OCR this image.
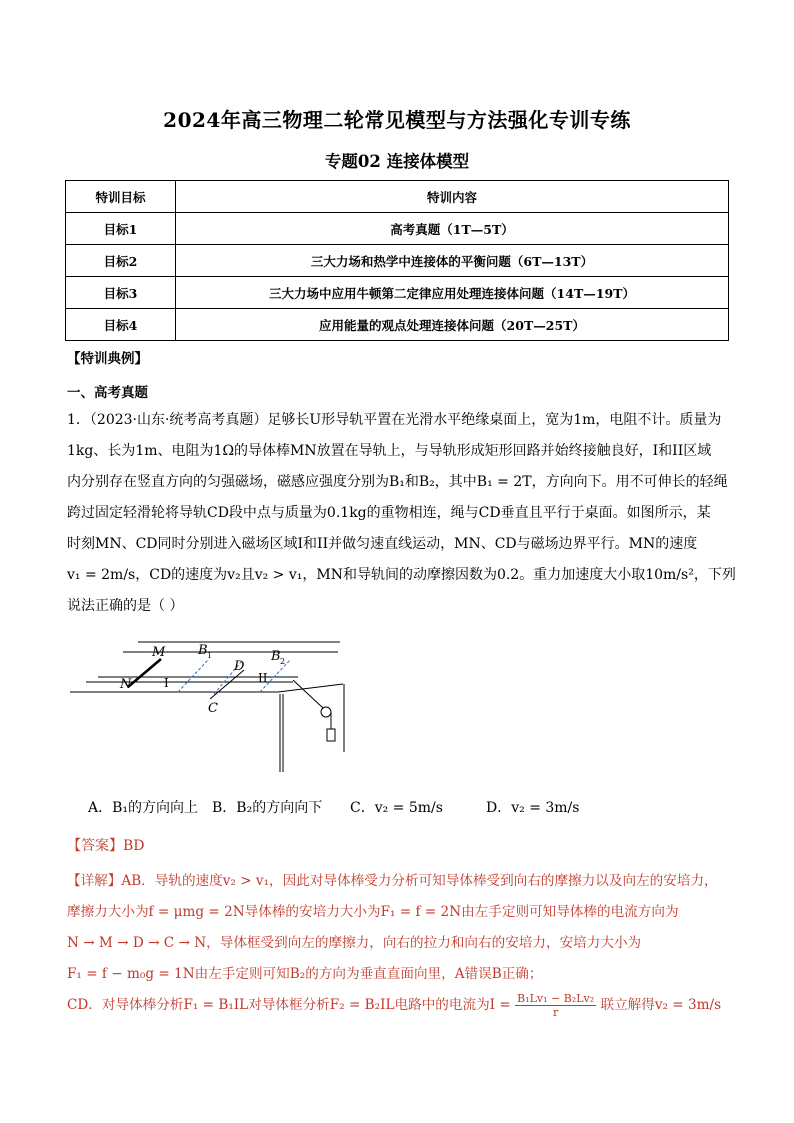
2024年高三物理二轮常见模型与方法强化专训专练
专题02 连接体模型
特训目标	特训内容
目标1	高考真题（1T—5T）
目标2	三大力场和热学中连接体的平衡问题（6T—13T）
目标3	三大力场中应用牛顿第二定律应用处理连接体问题（14T—19T）
目标4	应用能量的观点处理连接体问题（20T—25T）
【特训典例】
一、高考真题
1．（2023·山东·统考高考真题）足够长U形导轨平置在光滑水平绝缘桌面上，宽为1m，电阻不计。质量为
1kg、长为1m、电阻为1Ω的导体棒MN放置在导轨上，与导轨形成矩形回路并始终接触良好，I和II区域
内分别存在竖直方向的匀强磁场，磁感应强度分别为B₁和B₂，其中B₁ = 2T，方向向下。用不可伸长的轻绳
跨过固定轻滑轮将导轨CD段中点与质量为0.1kg的重物相连，绳与CD垂直且平行于桌面。如图所示，某
时刻MN、CD同时分别进入磁场区域I和II并做匀速直线运动，MN、CD与磁场边界平行。MN的速度
v₁ = 2m/s，CD的速度为v₂且v₂ > v₁，MN和导轨间的动摩擦因数为0.2。重力加速度大小取10m/s²，下列
说法正确的是（ ）
M
N
D
C
B 1	B 2
I	II
A．B₁的方向向上 B．B₂的方向向下 C．v₂ = 5m/s	D．v₂ = 3m/s
【答案】BD
【详解】AB．导轨的速度v₂ > v₁，因此对导体棒受力分析可知导体棒受到向右的摩擦力以及向左的安培力，
摩擦力大小为f = μmg = 2N导体棒的安培力大小为F₁ = f = 2N由左手定则可知导体棒的电流方向为
N → M → D → C → N，导体框受到向左的摩擦力，向右的拉力和向右的安培力，安培力大小为
F₁ = f − m₀g = 1N由左手定则可知B₂的方向为垂直直面向里，A错误B正确；
CD．对导体棒分析F₁ = B₁IL对导体框分析F₂ = B₂IL电路中的电流为$I = \frac{\text{B₁Lv₁ − B₂Lv₂}}{r}$ 联立解得v₂ = 3m/s
